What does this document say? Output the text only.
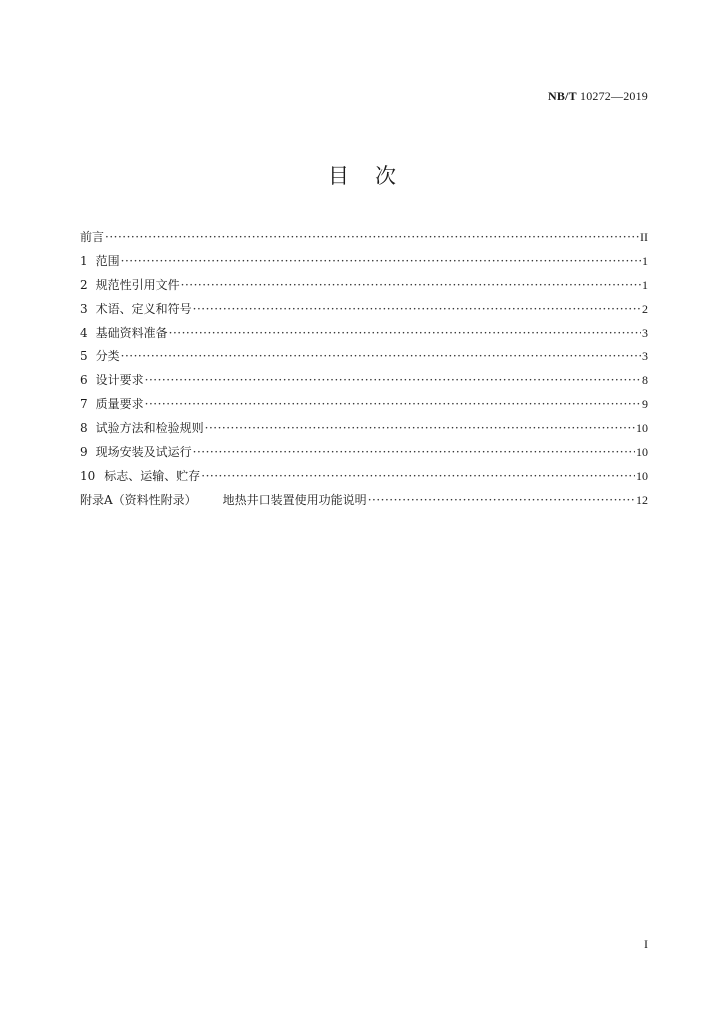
NB/T 10272—2019
目次
前言 ·····	II
1 范围 ·····	1
2 规范性引用文件 ·····	1
3 术语、定义和符号 ·····	2
4 基础资料准备 ·····	3
5 分类 ·····	3
6 设计要求 ·····	8
7 质量要求 ·····	9
8 试验方法和检验规则 ·····	10
9 现场安装及试运行 ·····	10
10 标志、运输、贮存 ·····	10
附录A（资料性附录） 地热井口装置使用功能说明 ·····	12
I
